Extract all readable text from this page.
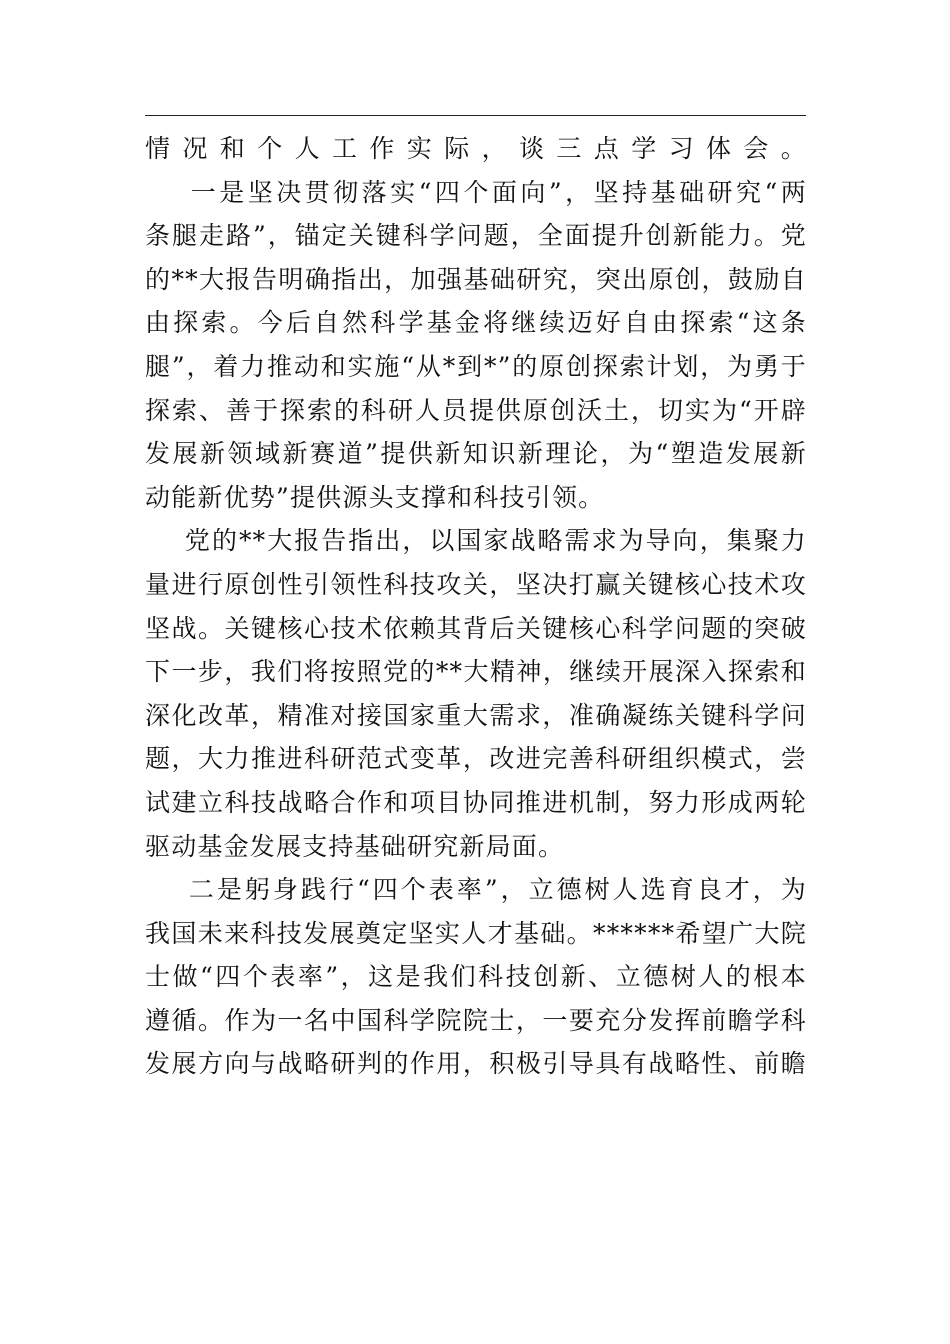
情况和个人工作实际，谈三点学习体会。
一是坚决贯彻落实“四个面向”，坚持基础研究“两
条腿走路”，锚定关键科学问题，全面提升创新能力。党
的**大报告明确指出，加强基础研究，突出原创，鼓励自
由探索。今后自然科学基金将继续迈好自由探索“这条
腿”，着力推动和实施“从*到*”的原创探索计划，为勇于
探索、善于探索的科研人员提供原创沃土，切实为“开辟
发展新领域新赛道”提供新知识新理论，为“塑造发展新
动能新优势”提供源头支撑和科技引领。
党的**大报告指出，以国家战略需求为导向，集聚力
量进行原创性引领性科技攻关，坚决打赢关键核心技术攻
坚战。关键核心技术依赖其背后关键核心科学问题的突破
下一步，我们将按照党的**大精神，继续开展深入探索和
深化改革，精准对接国家重大需求，准确凝练关键科学问
题，大力推进科研范式变革，改进完善科研组织模式，尝
试建立科技战略合作和项目协同推进机制，努力形成两轮
驱动基金发展支持基础研究新局面。
二是躬身践行“四个表率”，立德树人选育良才，为
我国未来科技发展奠定坚实人才基础。******希望广大院
士做“四个表率”，这是我们科技创新、立德树人的根本
遵循。作为一名中国科学院院士，一要充分发挥前瞻学科
发展方向与战略研判的作用，积极引导具有战略性、前瞻
